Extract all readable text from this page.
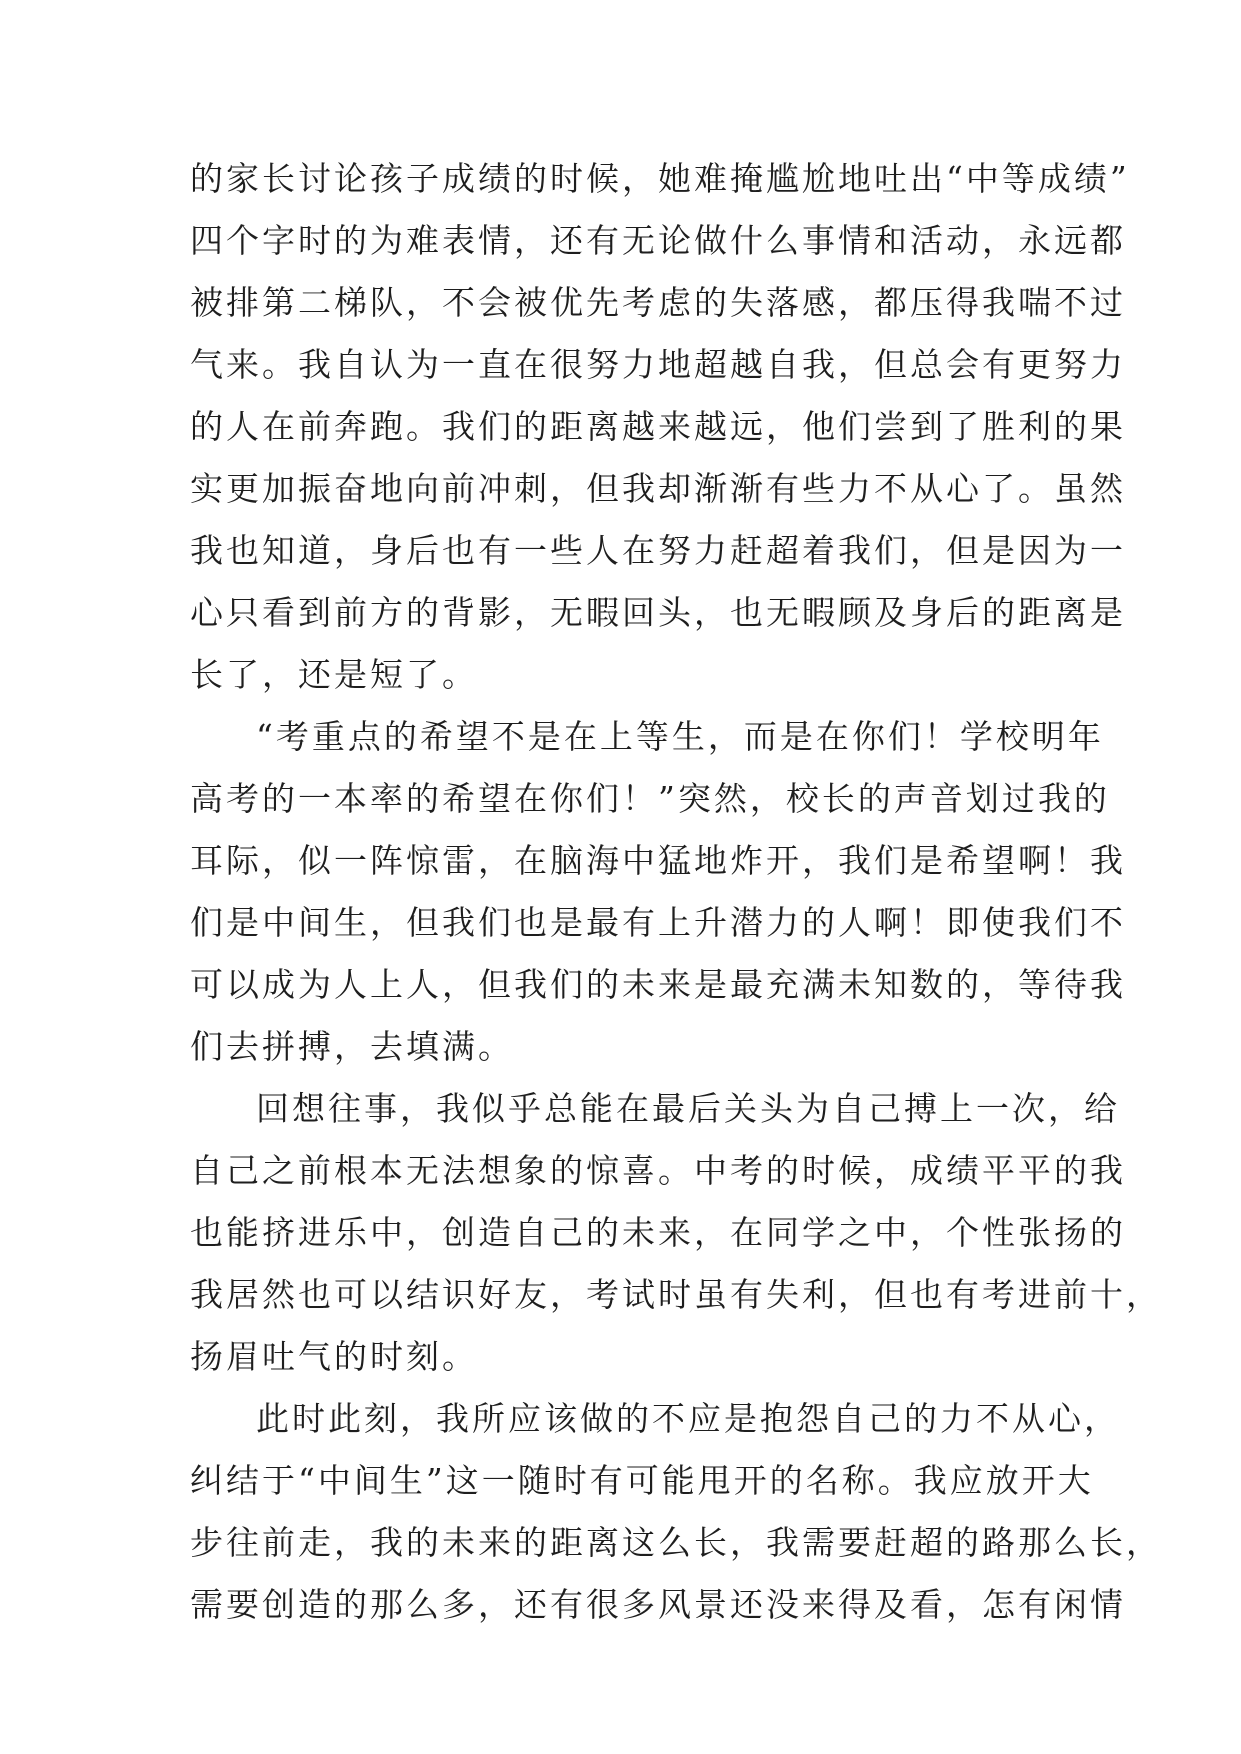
的家长讨论孩子成绩的时候，她难掩尴尬地吐出“中等成绩”
四个字时的为难表情，还有无论做什么事情和活动，永远都
被排第二梯队，不会被优先考虑的失落感，都压得我喘不过
气来。我自认为一直在很努力地超越自我，但总会有更努力
的人在前奔跑。我们的距离越来越远，他们尝到了胜利的果
实更加振奋地向前冲刺，但我却渐渐有些力不从心了。虽然
我也知道，身后也有一些人在努力赶超着我们，但是因为一
心只看到前方的背影，无暇回头，也无暇顾及身后的距离是
长了，还是短了。
“考重点的希望不是在上等生，而是在你们！学校明年
高考的一本率的希望在你们！”突然，校长的声音划过我的
耳际，似一阵惊雷，在脑海中猛地炸开，我们是希望啊！我
们是中间生，但我们也是最有上升潜力的人啊！即使我们不
可以成为人上人，但我们的未来是最充满未知数的，等待我
们去拼搏，去填满。
回想往事，我似乎总能在最后关头为自己搏上一次，给
自己之前根本无法想象的惊喜。中考的时候，成绩平平的我
也能挤进乐中，创造自己的未来，在同学之中，个性张扬的
我居然也可以结识好友，考试时虽有失利，但也有考进前十，
扬眉吐气的时刻。
此时此刻，我所应该做的不应是抱怨自己的力不从心，
纠结于“中间生”这一随时有可能甩开的名称。我应放开大
步往前走，我的未来的距离这么长，我需要赶超的路那么长，
需要创造的那么多，还有很多风景还没来得及看，怎有闲情
